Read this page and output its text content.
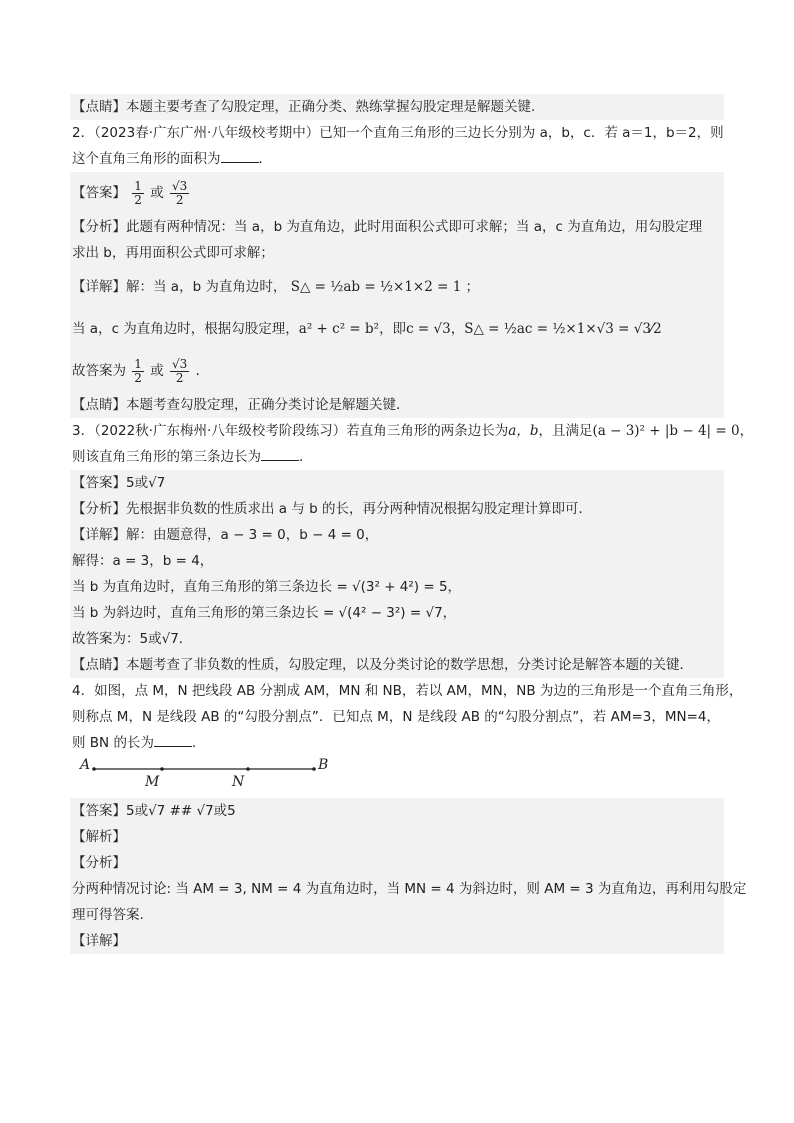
【点睛】本题主要考查了勾股定理，正确分类、熟练掌握勾股定理是解题关键．
2．（2023春·广东广州·八年级校考期中）已知一个直角三角形的三边长分别为 a，b，c．若 a＝1，b＝2，则
这个直角三角形的面积为	．
【答案】 $\frac{1}{2}$ 或 $\frac{√3}{2}$
【分析】此题有两种情况：当 a，b 为直角边，此时用面积公式即可求解；当 a，c 为直角边，用勾股定理
求出 b，再用面积公式即可求解；
【详解】解：当 a，b 为直角边时， S△ = ½ab = ½×1×2 = 1 ；
当 a，c 为直角边时，根据勾股定理，a² + c² = b²，即c = √3，S△ = ½ac = ½×1×√3 = √3⁄2
故答案为 $\frac{1}{2}$ 或 $\frac{√3}{2}$ ．
【点睛】本题考查勾股定理，正确分类讨论是解题关键．
3．（2022秋·广东梅州·八年级校考阶段练习）若直角三角形的两条边长为a，b，且满足(a − 3)² + |b − 4| = 0，
则该直角三角形的第三条边长为	．
【答案】5或√7
【分析】先根据非负数的性质求出 a 与 b 的长，再分两种情况根据勾股定理计算即可．
【详解】解：由题意得，a − 3 = 0，b − 4 = 0，
解得：a = 3，b = 4，
当 b 为直角边时，直角三角形的第三条边长 = √(3² + 4²) = 5，
当 b 为斜边时，直角三角形的第三条边长 = √(4² − 3²) = √7，
故答案为：5或√7．
【点睛】本题考查了非负数的性质，勾股定理，以及分类讨论的数学思想，分类讨论是解答本题的关键．
4．如图，点 M，N 把线段 AB 分割成 AM，MN 和 NB，若以 AM，MN，NB 为边的三角形是一个直角三角形，
则称点 M，N 是线段 AB 的“勾股分割点”．已知点 M，N 是线段 AB 的“勾股分割点”，若 AM=3，MN=4，
则 BN 的长为	．
A
M	N
B
【答案】5或√7 ## √7或5
【解析】
【分析】
分两种情况讨论: 当 AM = 3, NM = 4 为直角边时，当 MN = 4 为斜边时，则 AM = 3 为直角边，再利用勾股定
理可得答案.
【详解】
